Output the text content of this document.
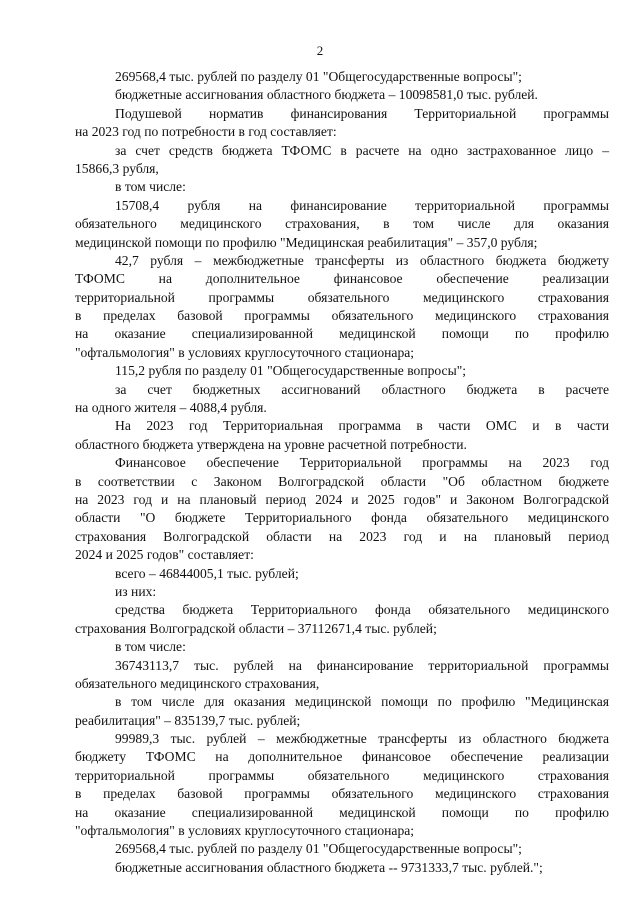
2
269568,4 тыс. рублей по разделу 01 "Общегосударственные вопросы";
бюджетные ассигнования областного бюджета – 10098581,0 тыс. рублей.
Подушевой норматив финансирования Территориальной программы
на 2023 год по потребности в год составляет:
за счет средств бюджета ТФОМС в расчете на одно застрахованное лицо –
15866,3 рубля,
в том числе:
15708,4 рубля на финансирование территориальной программы
обязательного медицинского страхования, в том числе для оказания
медицинской помощи по профилю "Медицинская реабилитация" – 357,0 рубля;
42,7 рубля – межбюджетные трансферты из областного бюджета бюджету
ТФОМС на дополнительное финансовое обеспечение реализации
территориальной программы обязательного медицинского страхования
в пределах базовой программы обязательного медицинского страхования
на оказание специализированной медицинской помощи по профилю
"офтальмология" в условиях круглосуточного стационара;
115,2 рубля по разделу 01 "Общегосударственные вопросы";
за счет бюджетных ассигнований областного бюджета в расчете
на одного жителя – 4088,4 рубля.
На 2023 год Территориальная программа в части ОМС и в части
областного бюджета утверждена на уровне расчетной потребности.
Финансовое обеспечение Территориальной программы на 2023 год
в соответствии с Законом Волгоградской области "Об областном бюджете
на 2023 год и на плановый период 2024 и 2025 годов" и Законом Волгоградской
области "О бюджете Территориального фонда обязательного медицинского
страхования Волгоградской области на 2023 год и на плановый период
2024 и 2025 годов" составляет:
всего – 46844005,1 тыс. рублей;
из них:
средства бюджета Территориального фонда обязательного медицинского
страхования Волгоградской области – 37112671,4 тыс. рублей;
в том числе:
36743113,7 тыс. рублей на финансирование территориальной программы
обязательного медицинского страхования,
в том числе для оказания медицинской помощи по профилю "Медицинская
реабилитация" – 835139,7 тыс. рублей;
99989,3 тыс. рублей – межбюджетные трансферты из областного бюджета
бюджету ТФОМС на дополнительное финансовое обеспечение реализации
территориальной программы обязательного медицинского страхования
в пределах базовой программы обязательного медицинского страхования
на оказание специализированной медицинской помощи по профилю
"офтальмология" в условиях круглосуточного стационара;
269568,4 тыс. рублей по разделу 01 "Общегосударственные вопросы";
бюджетные ассигнования областного бюджета -- 9731333,7 тыс. рублей.";
